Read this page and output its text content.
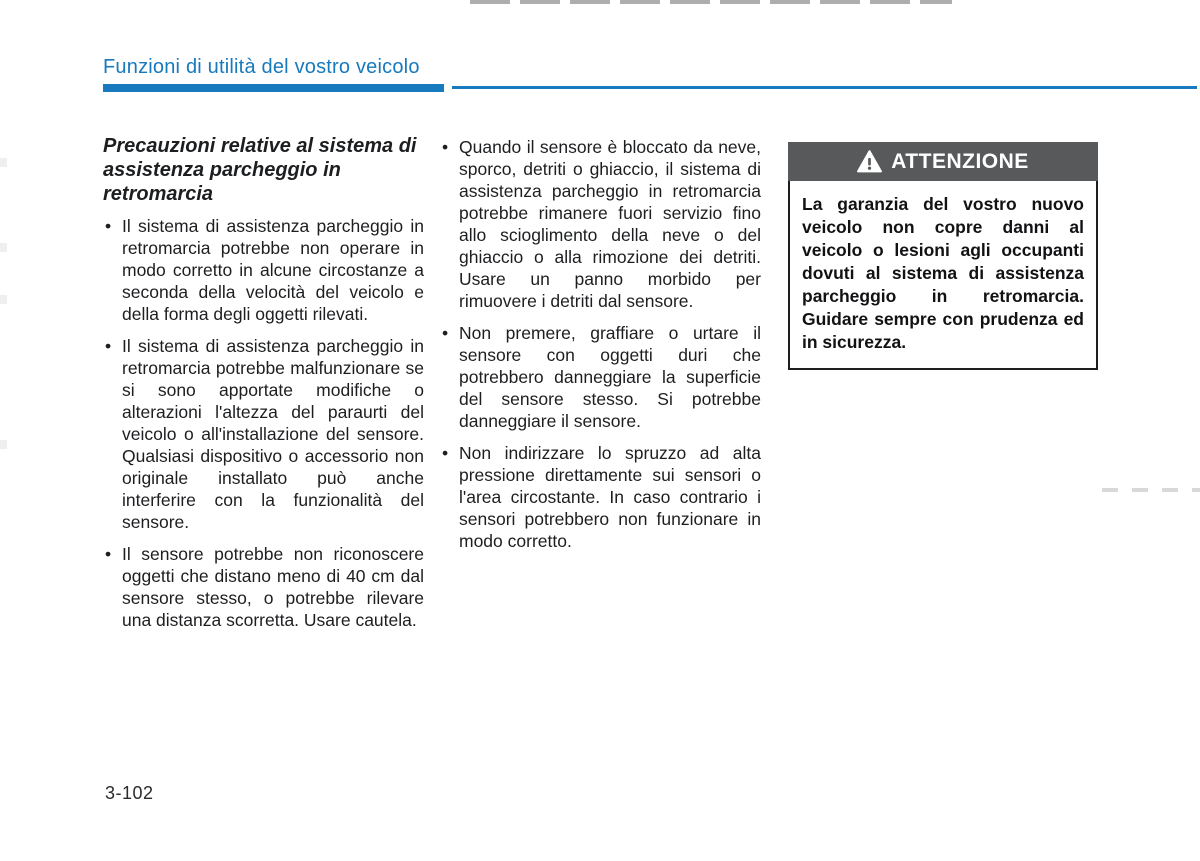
Funzioni di utilità del vostro veicolo
Precauzioni relative al sistema di assistenza parcheggio in retromarcia
• Il sistema di assistenza parcheggio in retromarcia potrebbe non operare in modo corretto in alcune circostanze a seconda della velocità del veicolo e della forma degli oggetti rilevati.
• Il sistema di assistenza parcheggio in retromarcia potrebbe malfunzionare se si sono apportate modifiche o alterazioni l'altezza del paraurti del veicolo o all'installazione del sensore. Qualsiasi dispositivo o accessorio non originale installato può anche interferire con la funzionalità del sensore.
• Il sensore potrebbe non riconoscere oggetti che distano meno di 40 cm dal sensore stesso, o potrebbe rilevare una distanza scorretta. Usare cautela.
• Quando il sensore è bloccato da neve, sporco, detriti o ghiaccio, il sistema di assistenza parcheggio in retromarcia potrebbe rimanere fuori servizio fino allo scioglimento della neve o del ghiaccio o alla rimozione dei detriti. Usare un panno morbido per rimuovere i detriti dal sensore.
• Non premere, graffiare o urtare il sensore con oggetti duri che potrebbero danneggiare la superficie del sensore stesso. Si potrebbe danneggiare il sensore.
• Non indirizzare lo spruzzo ad alta pressione direttamente sui sensori o l'area circostante. In caso contrario i sensori potrebbero non funzionare in modo corretto.
ATTENZIONE
La garanzia del vostro nuovo veicolo non copre danni al veicolo o lesioni agli occupanti dovuti al sistema di assistenza parcheggio in retromarcia. Guidare sempre con prudenza ed in sicurezza.
3-102
